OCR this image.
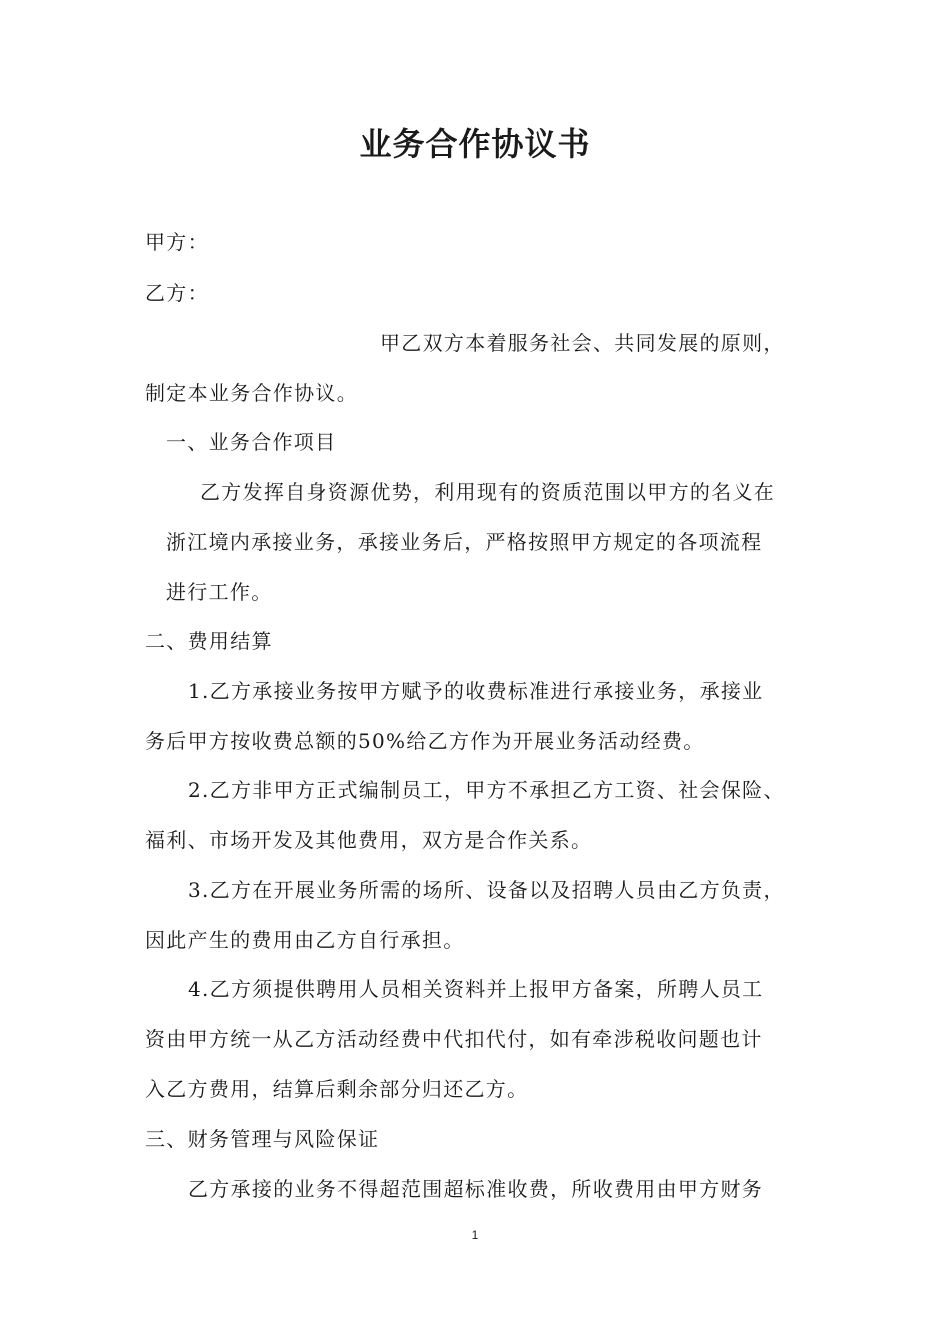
业务合作协议书

甲方：

乙方：

甲乙双方本着服务社会、共同发展的原则，

制定本业务合作协议。

一、业务合作项目

乙方发挥自身资源优势，利用现有的资质范围以甲方的名义在

浙江境内承接业务，承接业务后，严格按照甲方规定的各项流程

进行工作。

二、费用结算

1.乙方承接业务按甲方赋予的收费标准进行承接业务，承接业

务后甲方按收费总额的50%给乙方作为开展业务活动经费。

2.乙方非甲方正式编制员工，甲方不承担乙方工资、社会保险、

福利、市场开发及其他费用，双方是合作关系。

3.乙方在开展业务所需的场所、设备以及招聘人员由乙方负责，

因此产生的费用由乙方自行承担。

4.乙方须提供聘用人员相关资料并上报甲方备案，所聘人员工

资由甲方统一从乙方活动经费中代扣代付，如有牵涉税收问题也计

入乙方费用，结算后剩余部分归还乙方。

三、财务管理与风险保证

乙方承接的业务不得超范围超标准收费，所收费用由甲方财务

1
